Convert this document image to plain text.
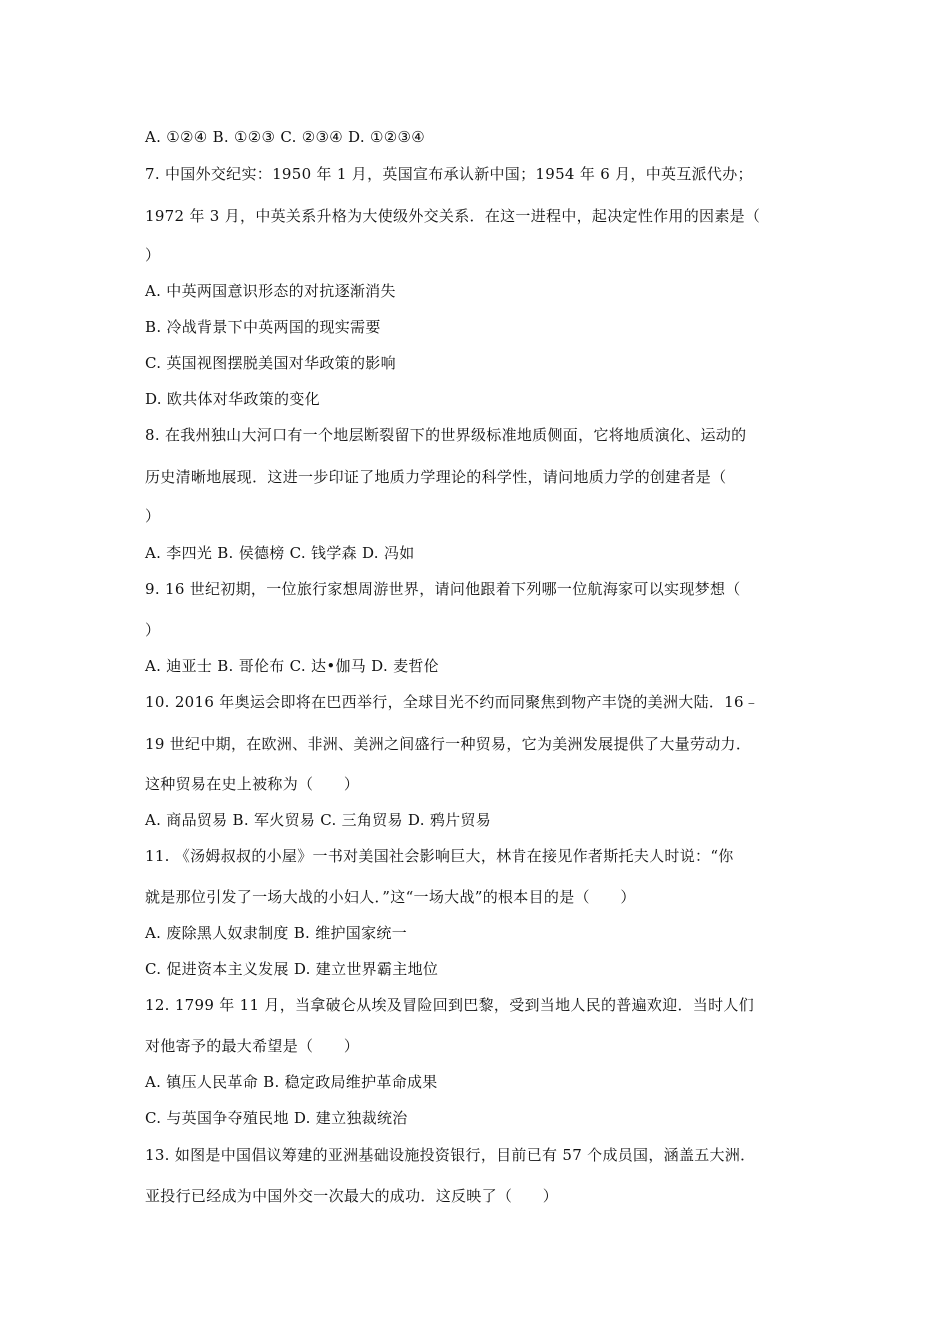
A. ①②④ B. ①②③ C. ②③④ D. ①②③④
7. 中国外交纪实：1950 年 1 月，英国宣布承认新中国；1954 年 6 月，中英互派代办；
1972 年 3 月，中英关系升格为大使级外交关系．在这一进程中，起决定性作用的因素是（
）
A. 中英两国意识形态的对抗逐渐消失
B. 冷战背景下中英两国的现实需要
C. 英国视图摆脱美国对华政策的影响
D. 欧共体对华政策的变化
8. 在我州独山大河口有一个地层断裂留下的世界级标准地质侧面，它将地质演化、运动的
历史清晰地展现．这进一步印证了地质力学理论的科学性，请问地质力学的创建者是（
）
A. 李四光 B. 侯德榜 C. 钱学森 D. 冯如
9. 16 世纪初期，一位旅行家想周游世界，请问他跟着下列哪一位航海家可以实现梦想（
）
A. 迪亚士 B. 哥伦布 C. 达•伽马 D. 麦哲伦
10. 2016 年奥运会即将在巴西举行，全球目光不约而同聚焦到物产丰饶的美洲大陆．16﹣
19 世纪中期，在欧洲、非洲、美洲之间盛行一种贸易，它为美洲发展提供了大量劳动力．
这种贸易在史上被称为（　　）
A. 商品贸易 B. 军火贸易 C. 三角贸易 D. 鸦片贸易
11. 《汤姆叔叔的小屋》一书对美国社会影响巨大，林肯在接见作者斯托夫人时说：“你
就是那位引发了一场大战的小妇人．”这“一场大战”的根本目的是（　　）
A. 废除黑人奴隶制度 B. 维护国家统一
C. 促进资本主义发展 D. 建立世界霸主地位
12. 1799 年 11 月，当拿破仑从埃及冒险回到巴黎，受到当地人民的普遍欢迎．当时人们
对他寄予的最大希望是（　　）
A. 镇压人民革命 B. 稳定政局维护革命成果
C. 与英国争夺殖民地 D. 建立独裁统治
13. 如图是中国倡议筹建的亚洲基础设施投资银行，目前已有 57 个成员国，涵盖五大洲．
亚投行已经成为中国外交一次最大的成功．这反映了（　　）
